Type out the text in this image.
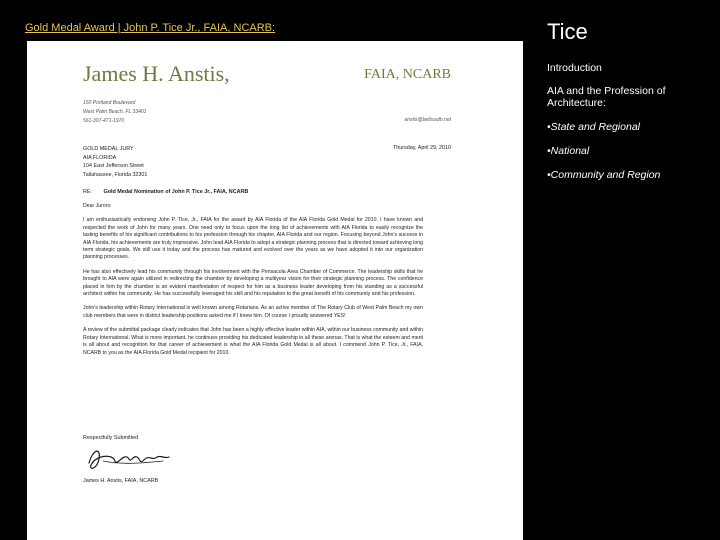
Gold Medal Award | John P. Tice Jr., FAIA, NCARB:
James H. Anstis,	FAIA, NCARB
150 Portland Boulevard
West Palm Beach, FL 33401
561-307-471-1970	anstis@bellsouth.net
GOLD MEDAL JURY
AIA FLORIDA
104 East Jefferson Street
Tallahassee, Florida 32301
Thursday, April 29, 2010
RE: Gold Medal Nomination of John P. Tice Jr., FAIA, NCARB

Dear Jurors:

I am enthusiastically endorsing John P. Tice, Jr., FAIA for the award by AIA Florida of the AIA Florida Gold Medal for 2010. I have known and respected the work of John for many years. One need only to focus upon the long list of achievements with AIA Florida to easily recognize the lasting benefits of his significant contributions to his profession through his chapter, AIA Florida and our region. Focusing beyond John's success in AIA Florida, his achievements are truly impressive. John lead AIA Florida to adopt a strategic planning process that is directed toward achieving long term strategic goals. We still use it today and the process has matured and evolved over the years as we have adopted it into our organization planning processes.

He has also effectively lead his community through his involvement with the Pensacola Area Chamber of Commerce. The leadership skills that he brought to AIA were again utilized in redirecting the chamber by developing a multiyear vision for their strategic planning process. The confidence placed in him by the chamber is an evident manifestation of respect for him as a business leader developing from his standing as a successful architect within his community. He has successfully leveraged his skill and his reputation to the great benefit of his community and his profession.

John's leadership within Rotary International is well known among Rotarians. As an active member of The Rotary Club of West Palm Beach my own club members that were in district leadership positions asked me if I knew him. Of course I proudly answered YES!

A review of the submittal package clearly indicates that John has been a highly effective leader within AIA, within our business community and within Rotary International. What is more important, he continues providing his dedicated leadership in all these arenas. That is what the esteem and merit is all about and recognition for that career of achievement is what the AIA Florida Gold Medal is all about. I commend John P. Tice, Jr., FAIA, NCARB to you as the AIA Florida Gold Medal recipient for 2010.

Respectfully Submitted
James H. Anstis, FAIA, NCARB
Tice
Introduction
AIA and the Profession of Architecture:
•State and Regional
•National
•Community and Region
